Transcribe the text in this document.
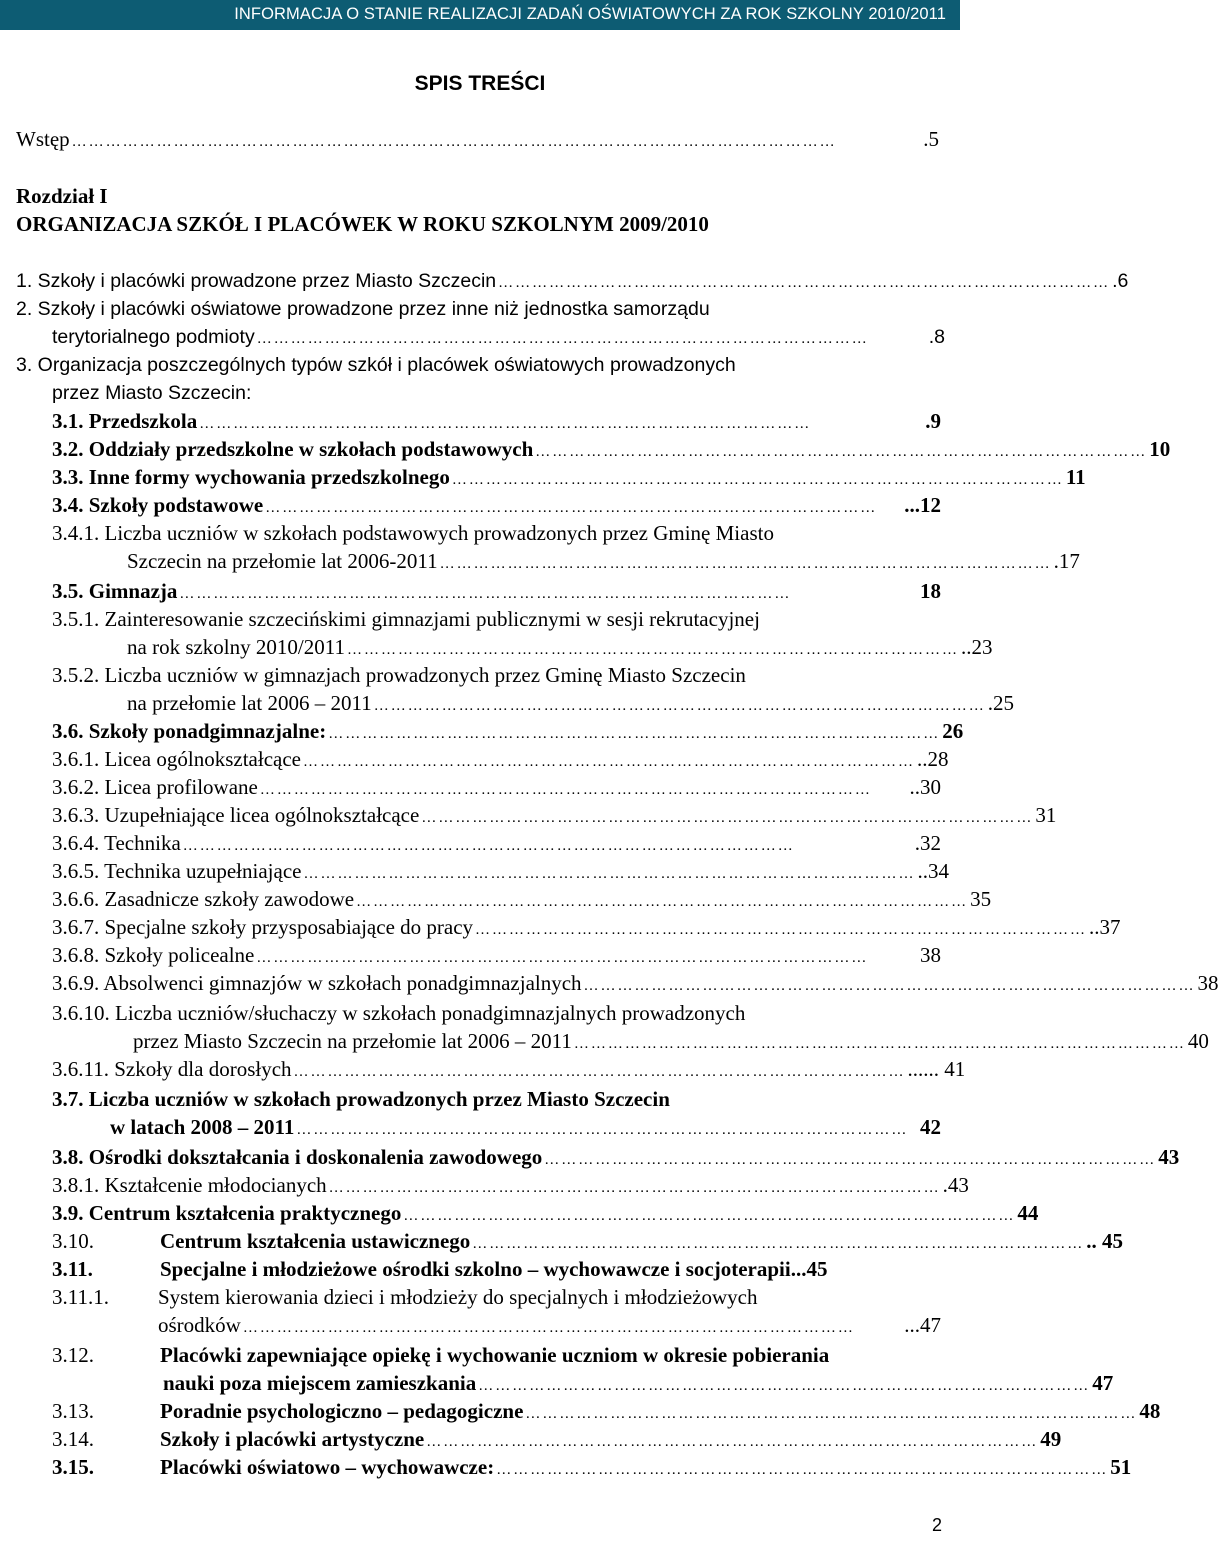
INFORMACJA O STANIE REALIZACJI ZADAŃ OŚWIATOWYCH ZA ROK SZKOLNY 2010/2011
SPIS TREŚCI
Wstęp ………………………………………………………………………………………………………………………	.5
Rozdział I
ORGANIZACJA SZKÓŁ I PLACÓWEK W ROKU SZKOLNYM 2009/2010
1. Szkoły i placówki prowadzone przez Miasto Szczecin ……………………………………………………………………………………………… .6
2. Szkoły i placówki oświatowe prowadzone przez inne niż jednostka samorządu
terytorialnego podmioty ………………………………………………………………………………………………	.8
3. Organizacja poszczególnych typów szkół i placówek oświatowych prowadzonych
przez Miasto Szczecin:
3.1. Przedszkola ………………………………………………………………………………………………	.9
3.2. Oddziały przedszkolne w szkołach podstawowych ……………………………………………………………………………………………… 10
3.3. Inne formy wychowania przedszkolnego ……………………………………………………………………………………………… 11
3.4. Szkoły podstawowe ………………………………………………………………………………………………	...12
3.4.1. Liczba uczniów w szkołach podstawowych prowadzonych przez Gminę Miasto
Szczecin na przełomie lat 2006-2011 ……………………………………………………………………………………………… .17
3.5. Gimnazja ………………………………………………………………………………………………	18
3.5.1. Zainteresowanie szczecińskimi gimnazjami publicznymi w sesji rekrutacyjnej
na rok szkolny 2010/2011 ……………………………………………………………………………………………… ..23
3.5.2. Liczba uczniów w gimnazjach prowadzonych przez Gminę Miasto Szczecin
na przełomie lat 2006 – 2011 ……………………………………………………………………………………………… .25
3.6. Szkoły ponadgimnazjalne: ……………………………………………………………………………………………… 26
3.6.1. Licea ogólnokształcące ……………………………………………………………………………………………… ..28
3.6.2. Licea profilowane ………………………………………………………………………………………………	..30
3.6.3. Uzupełniające licea ogólnokształcące ……………………………………………………………………………………………… 31
3.6.4. Technika ………………………………………………………………………………………………	.32
3.6.5. Technika uzupełniające ……………………………………………………………………………………………… ..34
3.6.6. Zasadnicze szkoły zawodowe ……………………………………………………………………………………………… 35
3.6.7. Specjalne szkoły przysposabiające do pracy ……………………………………………………………………………………………… ..37
3.6.8. Szkoły policealne ………………………………………………………………………………………………	38
3.6.9. Absolwenci gimnazjów w szkołach ponadgimnazjalnych ……………………………………………………………………………………………… 38
3.6.10. Liczba uczniów/słuchaczy w szkołach ponadgimnazjalnych prowadzonych
przez Miasto Szczecin na przełomie lat 2006 – 2011 ……………………………………………………………………………………………… 40
3.6.11. Szkoły dla dorosłych ……………………………………………………………………………………………… ...... 41
3.7. Liczba uczniów w szkołach prowadzonych przez Miasto Szczecin
w latach 2008 – 2011 ……………………………………………………………………………………………… 42
3.8. Ośrodki dokształcania i doskonalenia zawodowego ……………………………………………………………………………………………… 43
3.8.1. Kształcenie młodocianych ……………………………………………………………………………………………… .43
3.9. Centrum kształcenia praktycznego ……………………………………………………………………………………………… 44
3.10.	Centrum kształcenia ustawicznego ……………………………………………………………………………………………… .. 45
3.11.	Specjalne i młodzieżowe ośrodki szkolno – wychowawcze i socjoterapii ...45
3.11.1.	System kierowania dzieci i młodzieży do specjalnych i młodzieżowych
ośrodków ………………………………………………………………………………………………	...47
3.12.	Placówki zapewniające opiekę i wychowanie uczniom w okresie pobierania
nauki poza miejscem zamieszkania ……………………………………………………………………………………………… 47
3.13.	Poradnie psychologiczno – pedagogiczne ……………………………………………………………………………………………… 48
3.14.	Szkoły i placówki artystyczne ……………………………………………………………………………………………… 49
3.15.	Placówki oświatowo – wychowawcze: ……………………………………………………………………………………………… 51
2
